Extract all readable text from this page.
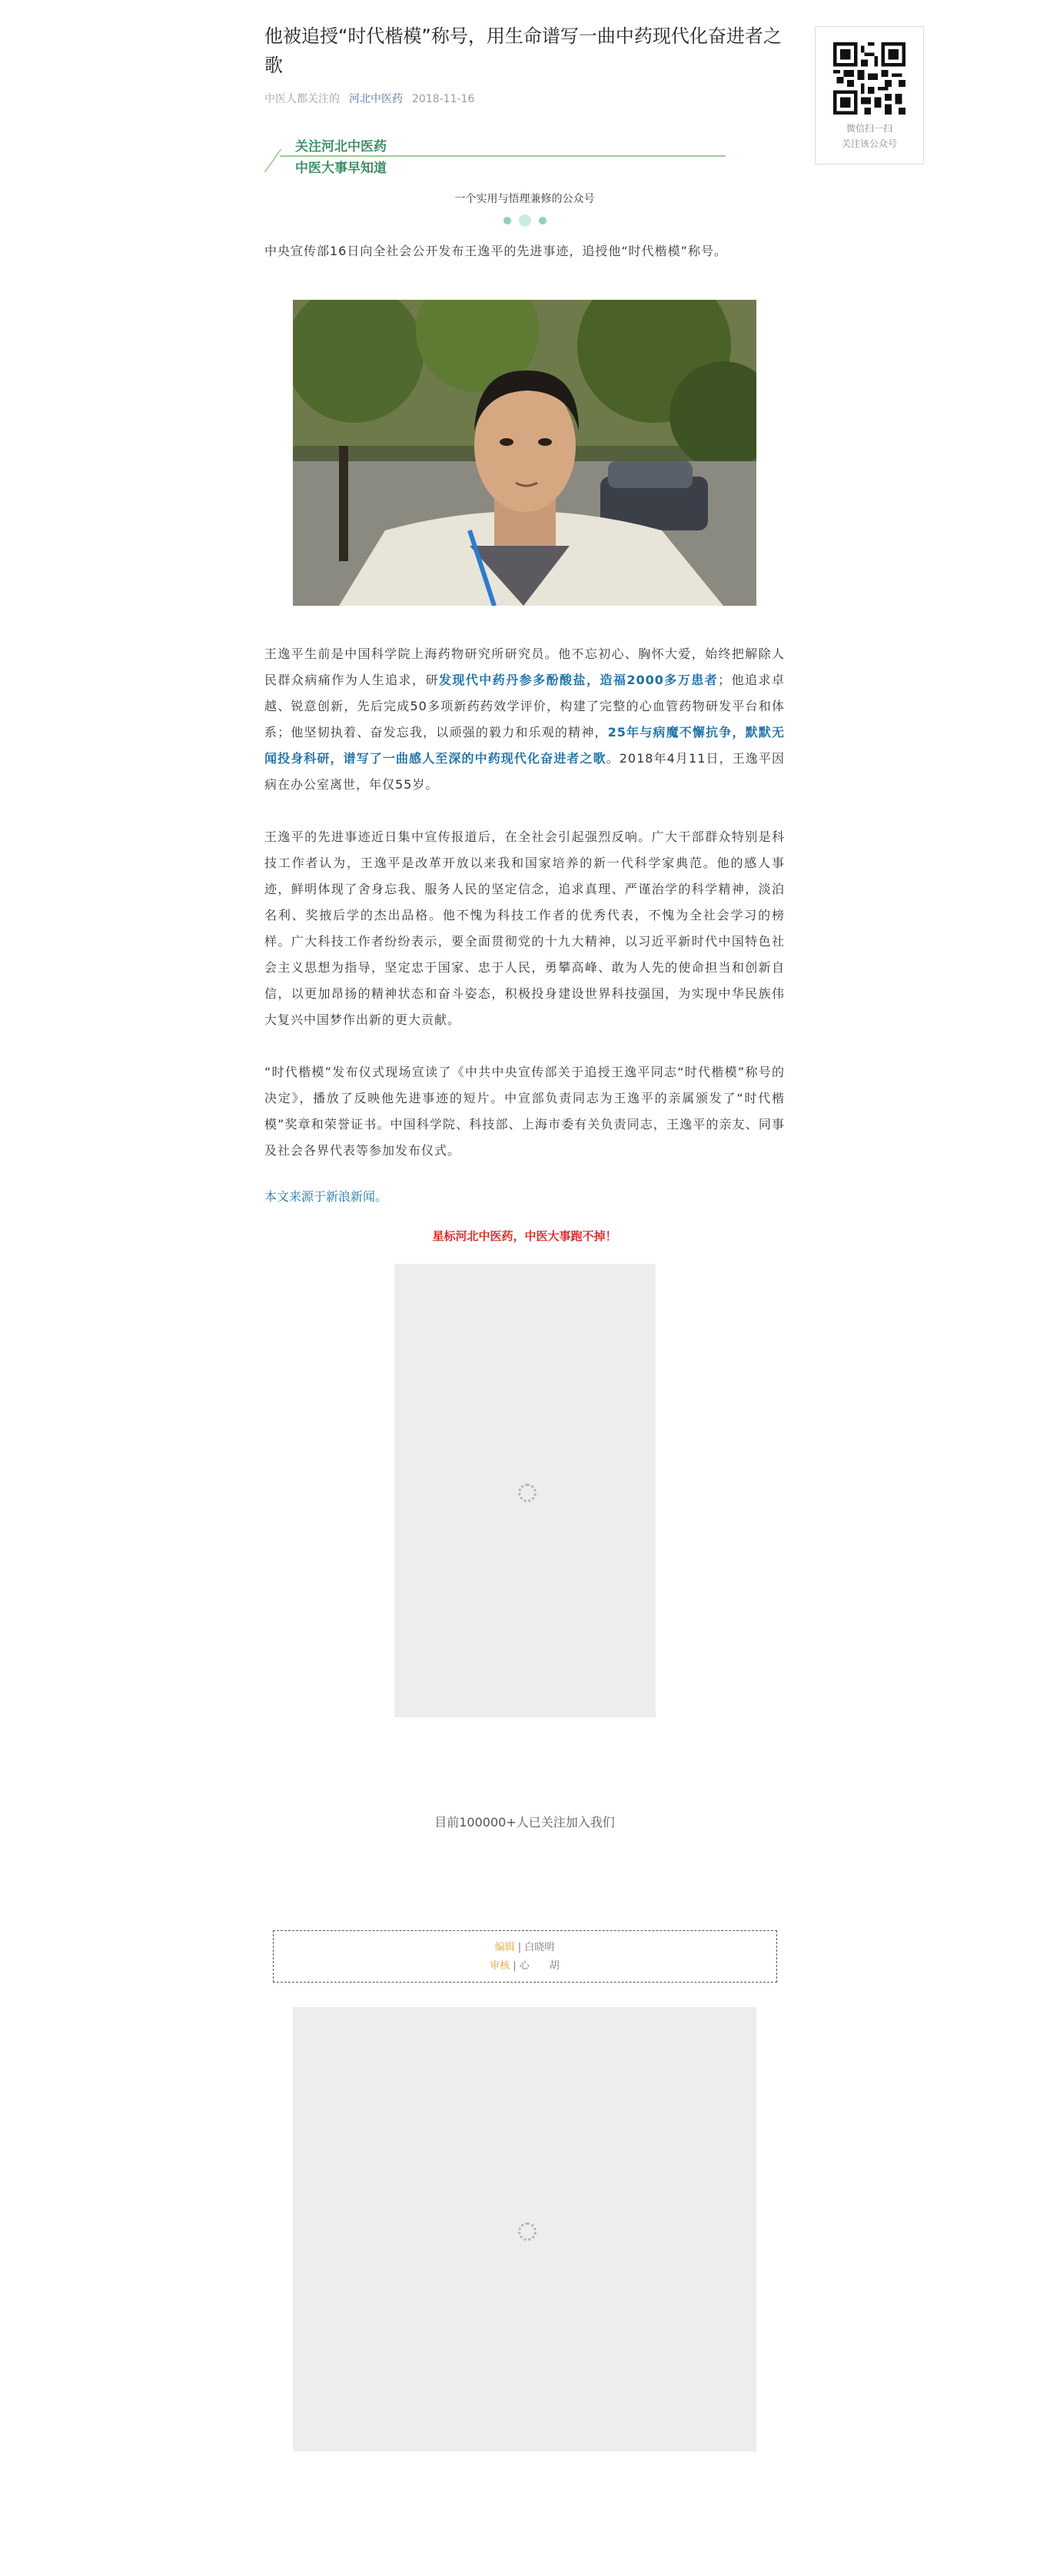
他被追授“时代楷模”称号，用生命谱写一曲中药现代化奋进者之歌
中医人都关注的 河北中医药 2018-11-16
关注河北中医药
中医大事早知道
一个实用与悟理兼修的公众号

中央宣传部16日向全社会公开发布王逸平的先进事迹，追授他“时代楷模”称号。

王逸平生前是中国科学院上海药物研究所研究员。他不忘初心、胸怀大爱，始终把解除人民群众病痛作为人生追求，研发现代中药丹参多酚酸盐，造福2000多万患者；他追求卓越、锐意创新，先后完成50多项新药药效学评价，构建了完整的心血管药物研发平台和体系；他坚韧执着、奋发忘我，以顽强的毅力和乐观的精神，25年与病魔不懈抗争，默默无闻投身科研，谱写了一曲感人至深的中药现代化奋进者之歌。2018年4月11日，王逸平因病在办公室离世，年仅55岁。

王逸平的先进事迹近日集中宣传报道后，在全社会引起强烈反响。广大干部群众特别是科技工作者认为，王逸平是改革开放以来我和国家培养的新一代科学家典范。他的感人事迹，鲜明体现了舍身忘我、服务人民的坚定信念，追求真理、严谨治学的科学精神，淡泊名利、奖掖后学的杰出品格。他不愧为科技工作者的优秀代表，不愧为全社会学习的榜样。广大科技工作者纷纷表示，要全面贯彻党的十九大精神，以习近平新时代中国特色社会主义思想为指导，坚定忠于国家、忠于人民，勇攀高峰、敢为人先的使命担当和创新自信，以更加昂扬的精神状态和奋斗姿态，积极投身建设世界科技强国，为实现中华民族伟大复兴中国梦作出新的更大贡献。

“时代楷模”发布仪式现场宣读了《中共中央宣传部关于追授王逸平同志“时代楷模”称号的决定》，播放了反映他先进事迹的短片。中宣部负责同志为王逸平的亲属颁发了“时代楷模”奖章和荣誉证书。中国科学院、科技部、上海市委有关负责同志，王逸平的亲友、同事及社会各界代表等参加发布仪式。

本文来源于新浪新闻。
星标河北中医药，中医大事跑不掉！
目前100000+人已关注加入我们
编辑 | 白晓明
审核 | 心　　胡
微信扫一扫
关注该公众号
